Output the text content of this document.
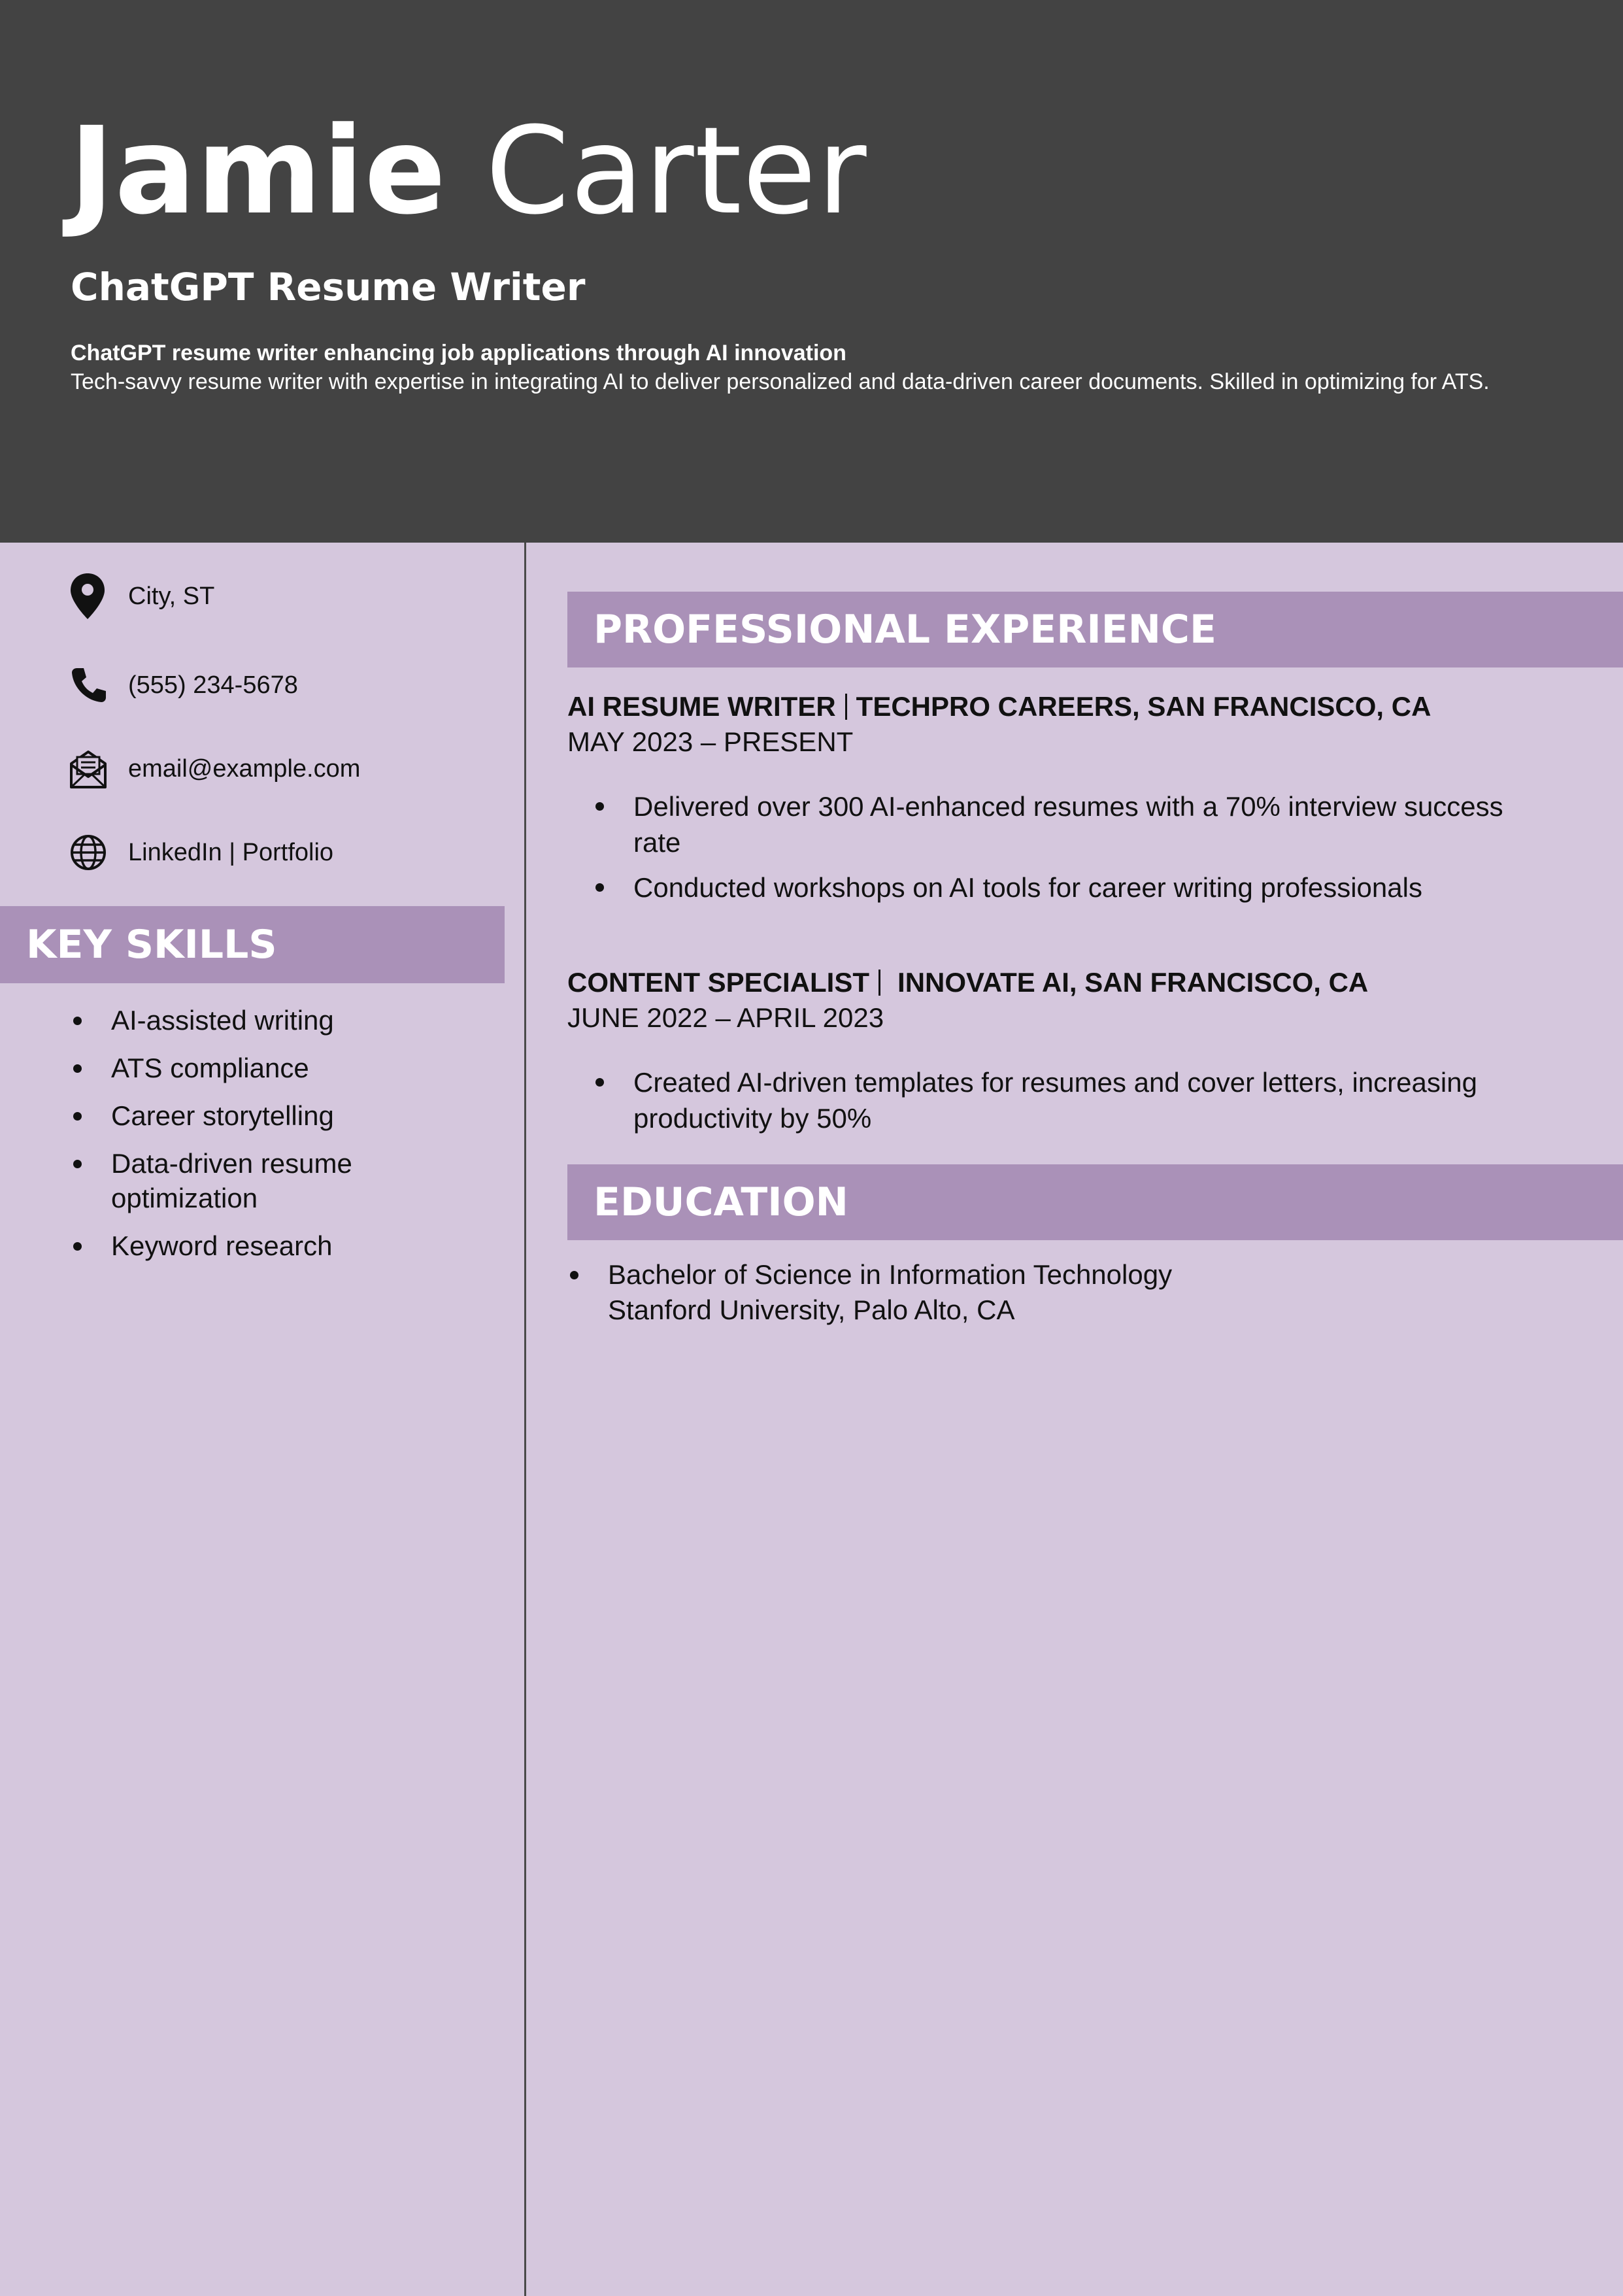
Jamie Carter
ChatGPT Resume Writer
ChatGPT resume writer enhancing job applications through AI innovation
Tech-savvy resume writer with expertise in integrating AI to deliver personalized and data-driven career documents. Skilled in optimizing for ATS.
City, ST
(555) 234-5678
email@example.com
LinkedIn | Portfolio
KEY SKILLS
AI-assisted writing
ATS compliance
Career storytelling
Data-driven resume optimization
Keyword research
PROFESSIONAL EXPERIENCE
AI RESUME WRITER TECHPRO CAREERS, SAN FRANCISCO, CA
MAY 2023 – PRESENT
Delivered over 300 AI-enhanced resumes with a 70% interview success rate
Conducted workshops on AI tools for career writing professionals
CONTENT SPECIALIST INNOVATE AI, SAN FRANCISCO, CA
JUNE 2022 – APRIL 2023
Created AI-driven templates for resumes and cover letters, increasing productivity by 50%
EDUCATION
Bachelor of Science in Information Technology
Stanford University, Palo Alto, CA
